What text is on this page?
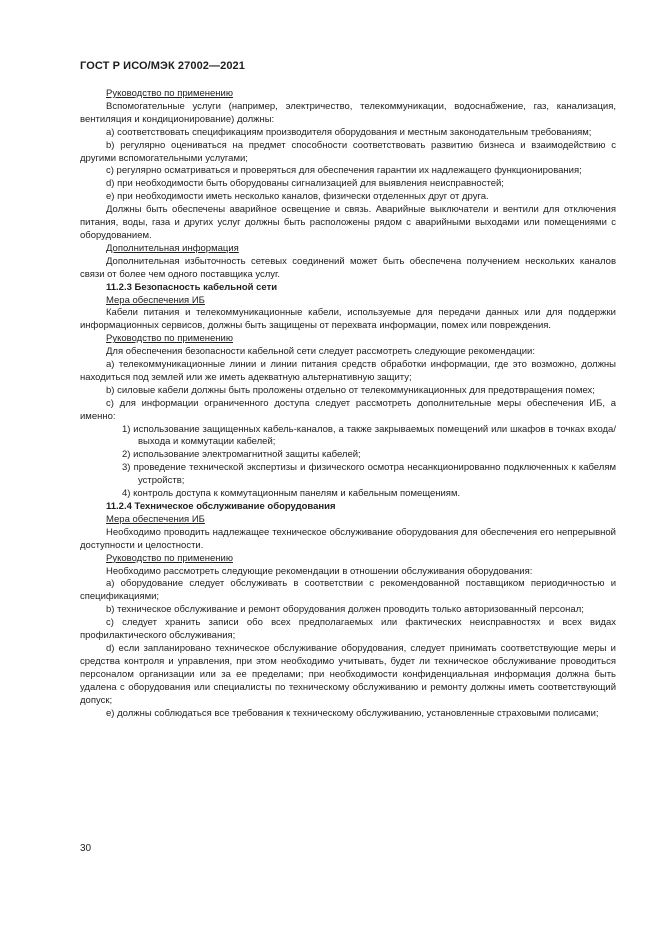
ГОСТ Р ИСО/МЭК 27002—2021

Руководство по применению

Вспомогательные услуги (например, электричество, телекоммуникации, водоснабжение, газ, канализация, вентиляция и кондиционирование) должны:

а) соответствовать спецификациям производителя оборудования и местным законодательным требованиям;

b) регулярно оцениваться на предмет способности соответствовать развитию бизнеса и взаимодействию с другими вспомогательными услугами;

c) регулярно осматриваться и проверяться для обеспечения гарантии их надлежащего функционирования;

d) при необходимости быть оборудованы сигнализацией для выявления неисправностей;

е) при необходимости иметь несколько каналов, физически отделенных друг от друга.

Должны быть обеспечены аварийное освещение и связь. Аварийные выключатели и вентили для отключения питания, воды, газа и других услуг должны быть расположены рядом с аварийными выходами или помещениями с оборудованием.

Дополнительная информация

Дополнительная избыточность сетевых соединений может быть обеспечена получением нескольких каналов связи от более чем одного поставщика услуг.

11.2.3 Безопасность кабельной сети

Мера обеспечения ИБ

Кабели питания и телекоммуникационные кабели, используемые для передачи данных или для поддержки информационных сервисов, должны быть защищены от перехвата информации, помех или повреждения.

Руководство по применению

Для обеспечения безопасности кабельной сети следует рассмотреть следующие рекомендации:

а) телекоммуникационные линии и линии питания средств обработки информации, где это возможно, должны находиться под землей или же иметь адекватную альтернативную защиту;

b) силовые кабели должны быть проложены отдельно от телекоммуникационных для предотвращения помех;

c) для информации ограниченного доступа следует рассмотреть дополнительные меры обеспечения ИБ, а именно:

1) использование защищенных кабель-каналов, а также закрываемых помещений или шкафов в точках входа/выхода и коммутации кабелей;

2) использование электромагнитной защиты кабелей;

3) проведение технической экспертизы и физического осмотра несанкционированно подключенных к кабелям устройств;

4) контроль доступа к коммутационным панелям и кабельным помещениям.

11.2.4 Техническое обслуживание оборудования

Мера обеспечения ИБ

Необходимо проводить надлежащее техническое обслуживание оборудования для обеспечения его непрерывной доступности и целостности.

Руководство по применению

Необходимо рассмотреть следующие рекомендации в отношении обслуживания оборудования:

а) оборудование следует обслуживать в соответствии с рекомендованной поставщиком периодичностью и спецификациями;

b) техническое обслуживание и ремонт оборудования должен проводить только авторизованный персонал;

c) следует хранить записи обо всех предполагаемых или фактических неисправностях и всех видах профилактического обслуживания;

d) если запланировано техническое обслуживание оборудования, следует принимать соответствующие меры и средства контроля и управления, при этом необходимо учитывать, будет ли техническое обслуживание проводиться персоналом организации или за ее пределами; при необходимости конфиденциальная информация должна быть удалена с оборудования или специалисты по техническому обслуживанию и ремонту должны иметь соответствующий допуск;

е) должны соблюдаться все требования к техническому обслуживанию, установленные страховыми полисами;

30
